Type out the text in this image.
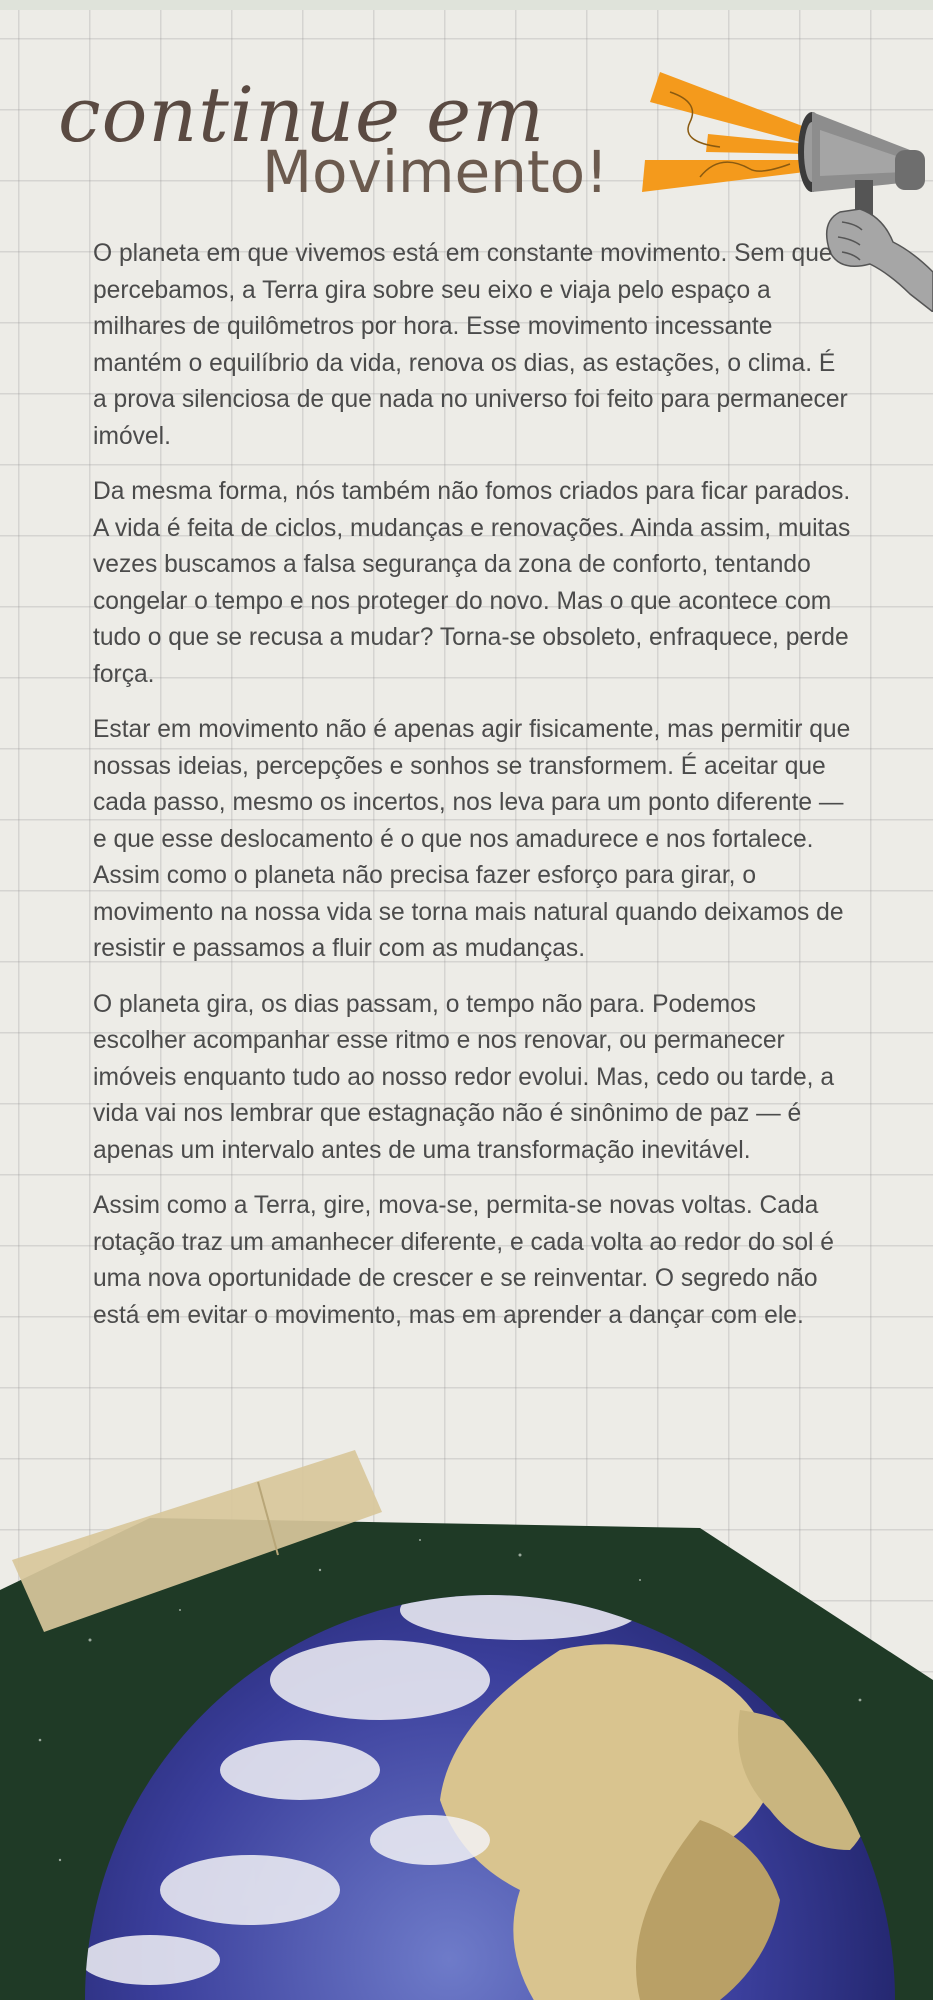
continue em
Movimento!

O planeta em que vivemos está em constante movimento. Sem que percebamos, a Terra gira sobre seu eixo e viaja pelo espaço a milhares de quilômetros por hora. Esse movimento incessante mantém o equilíbrio da vida, renova os dias, as estações, o clima. É a prova silenciosa de que nada no universo foi feito para permanecer imóvel.

Da mesma forma, nós também não fomos criados para ficar parados. A vida é feita de ciclos, mudanças e renovações. Ainda assim, muitas vezes buscamos a falsa segurança da zona de conforto, tentando congelar o tempo e nos proteger do novo. Mas o que acontece com tudo o que se recusa a mudar? Torna-se obsoleto, enfraquece, perde força.

Estar em movimento não é apenas agir fisicamente, mas permitir que nossas ideias, percepções e sonhos se transformem. É aceitar que cada passo, mesmo os incertos, nos leva para um ponto diferente — e que esse deslocamento é o que nos amadurece e nos fortalece. Assim como o planeta não precisa fazer esforço para girar, o movimento na nossa vida se torna mais natural quando deixamos de resistir e passamos a fluir com as mudanças.

O planeta gira, os dias passam, o tempo não para. Podemos escolher acompanhar esse ritmo e nos renovar, ou permanecer imóveis enquanto tudo ao nosso redor evolui. Mas, cedo ou tarde, a vida vai nos lembrar que estagnação não é sinônimo de paz — é apenas um intervalo antes de uma transformação inevitável.

Assim como a Terra, gire, mova-se, permita-se novas voltas. Cada rotação traz um amanhecer diferente, e cada volta ao redor do sol é uma nova oportunidade de crescer e se reinventar. O segredo não está em evitar o movimento, mas em aprender a dançar com ele.
